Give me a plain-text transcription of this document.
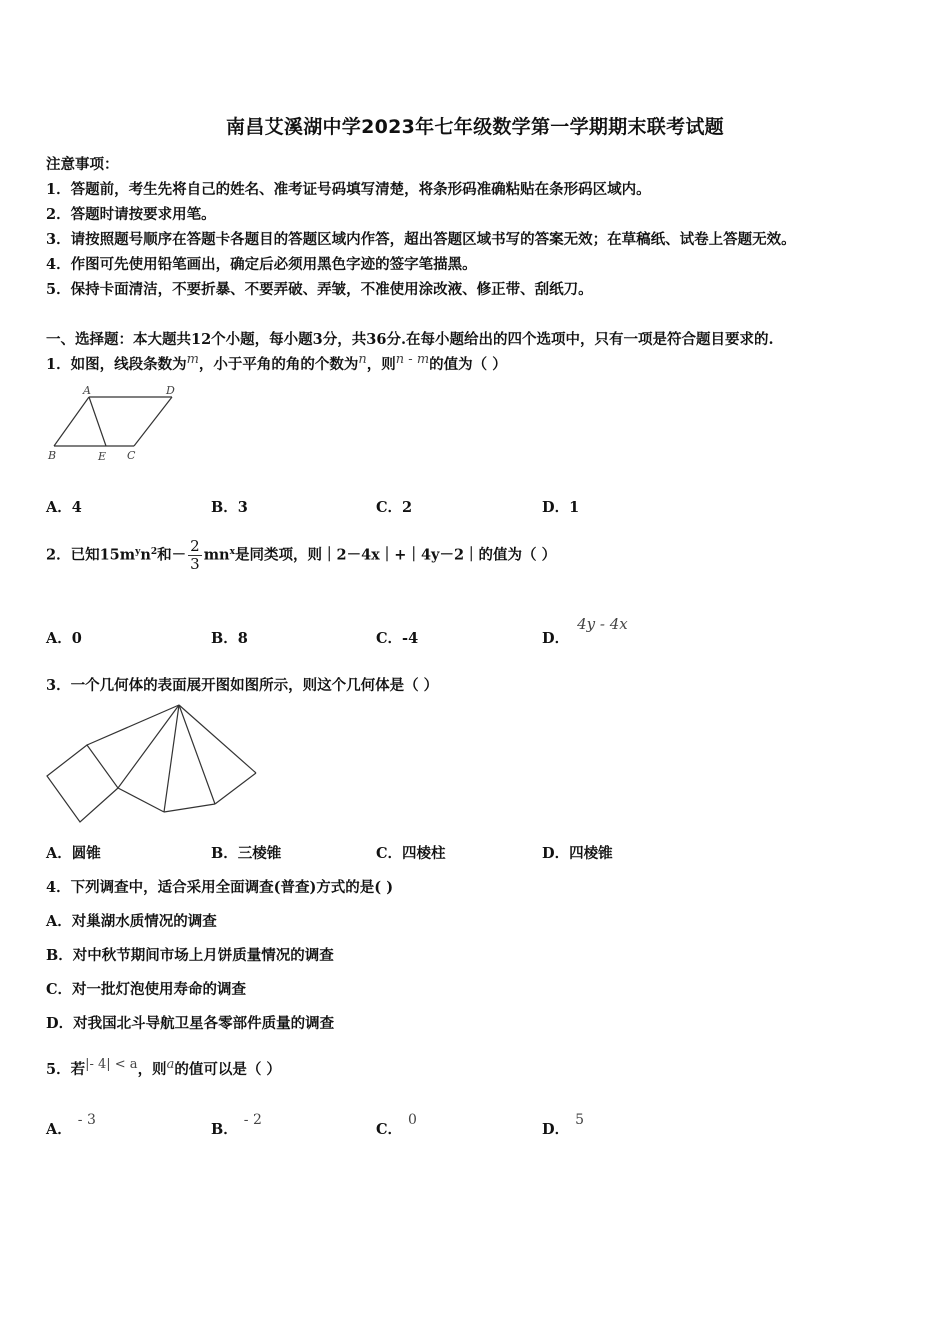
南昌艾溪湖中学2023年七年级数学第一学期期末联考试题
注意事项：
1．答题前，考生先将自己的姓名、准考证号码填写清楚，将条形码准确粘贴在条形码区域内。
2．答题时请按要求用笔。
3．请按照题号顺序在答题卡各题目的答题区域内作答，超出答题区域书写的答案无效；在草稿纸、试卷上答题无效。
4．作图可先使用铅笔画出，确定后必须用黑色字迹的签字笔描黑。
5．保持卡面清洁，不要折暴、不要弄破、弄皱，不准使用涂改液、修正带、刮纸刀。
一、选择题：本大题共12个小题，每小题3分，共36分.在每小题给出的四个选项中，只有一项是符合题目要求的.
1．如图，线段条数为m，小于平角的角的个数为n，则n - m的值为（ ）
A	D
B	E C
A．4	B．3	C．2	D．1
2．已知$15m^yn^2$和－ $\frac{2}{3} mn^x$是同类项，则｜2－4x｜+｜4y－2｜的值为（ ）
A．0	B．8	C．-4	D．4y - 4x
3．一个几何体的表面展开图如图所示，则这个几何体是（ ）
A．圆锥	B．三棱锥	C．四棱柱	D．四棱锥
4．下列调查中，适合采用全面调查(普查)方式的是( )
A．对巢湖水质情况的调查
B．对中秋节期间市场上月饼质量情况的调查
C．对一批灯泡使用寿命的调查
D．对我国北斗导航卫星各零部件质量的调查
5．若|- 4| < a，则a的值可以是（ ）
A．- 3
B．- 2
C．0
D．5
